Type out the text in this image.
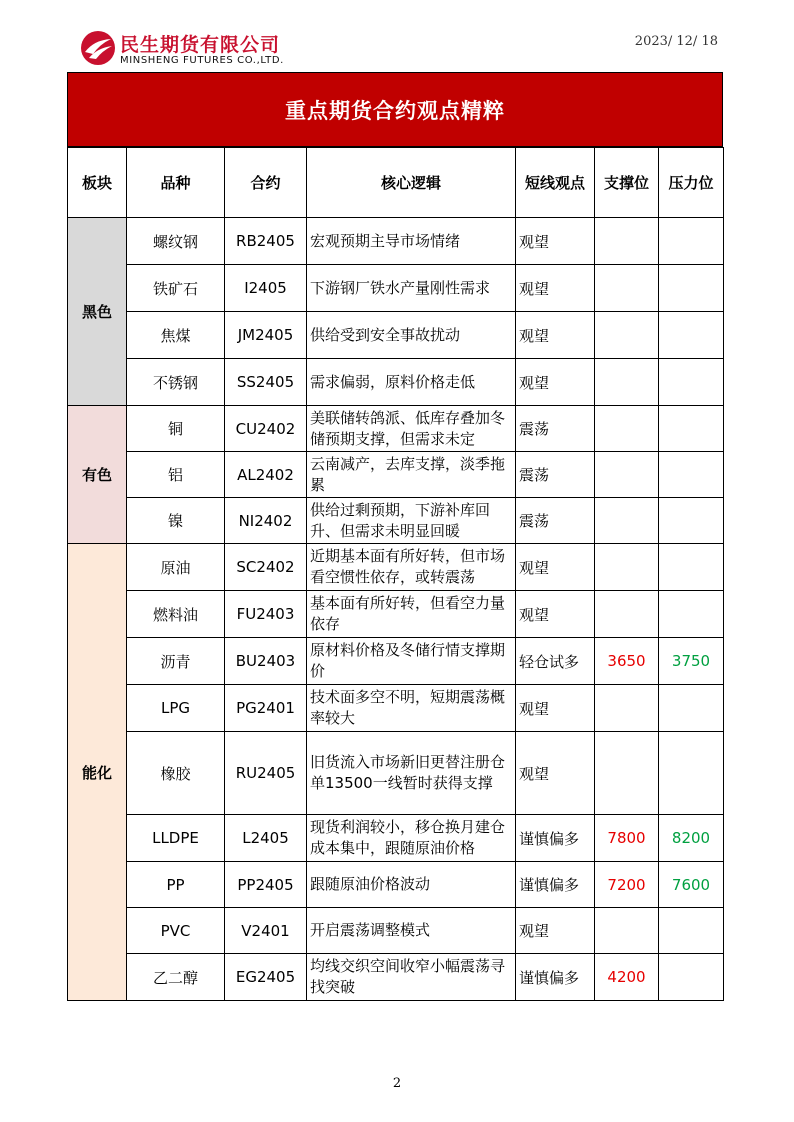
民生期货有限公司
MINSHENG FUTURES CO.,LTD.
2023/ 12/ 18
重点期货合约观点精粹
板块	品种	合约	核心逻辑	短线观点	支撑位	压力位
黑色	螺纹钢	RB2405	宏观预期主导市场情绪	观望		
	铁矿石	I2405	下游钢厂铁水产量刚性需求	观望		
	焦煤	JM2405	供给受到安全事故扰动	观望		
	不锈钢	SS2405	需求偏弱，原料价格走低	观望		
有色	铜	CU2402	美联储转鸽派、低库存叠加冬储预期支撑，但需求未定	震荡		
	铝	AL2402	云南减产，去库支撑，淡季拖累	震荡		
	镍	NI2402	供给过剩预期，下游补库回升、但需求未明显回暖	震荡		
能化	原油	SC2402	近期基本面有所好转，但市场看空惯性依存，或转震荡	观望		
	燃料油	FU2403	基本面有所好转，但看空力量依存	观望		
	沥青	BU2403	原材料价格及冬储行情支撑期价	轻仓试多	3650	3750
	LPG	PG2401	技术面多空不明，短期震荡概率较大	观望		
	橡胶	RU2405	旧货流入市场新旧更替注册仓单13500一线暂时获得支撑	观望		
	LLDPE	L2405	现货利润较小，移仓换月建仓成本集中，跟随原油价格	谨慎偏多	7800	8200
	PP	PP2405	跟随原油价格波动	谨慎偏多	7200	7600
	PVC	V2401	开启震荡调整模式	观望		
	乙二醇	EG2405	均线交织空间收窄小幅震荡寻找突破	谨慎偏多	4200	
2
